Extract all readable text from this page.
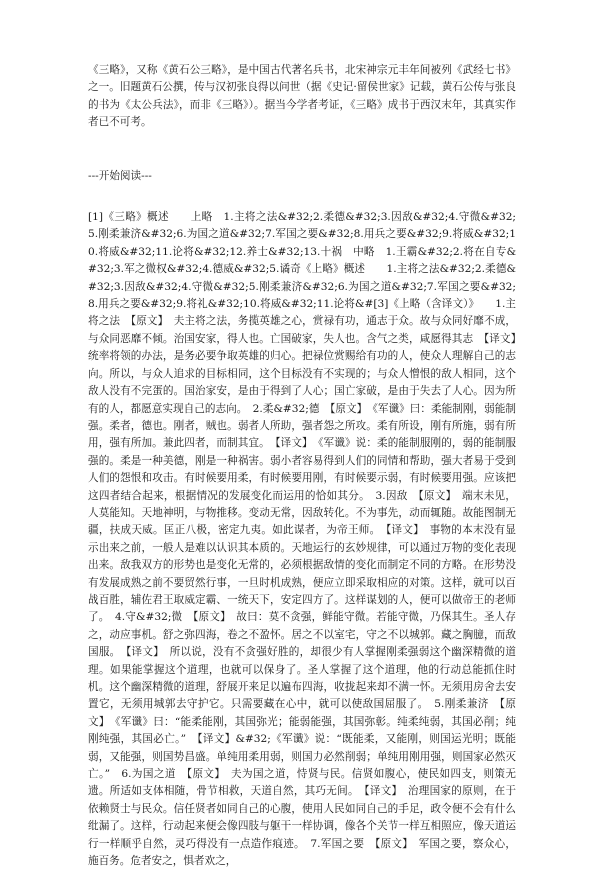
《三略》，又称《黄石公三略》，是中国古代著名兵书，北宋神宗元丰年间被列《武经七书》之一。旧题黄石公撰，传与汉初张良得以问世（据《史记·留侯世家》记载，黄石公传与张良的书为《太公兵法》，而非《三略》）。据当今学者考证，《三略》成书于西汉末年，其真实作者已不可考。

---开始阅读---

[1]《三略》概述　　上略　1.主将之法&#32;2.柔德&#32;3.因敌&#32;4.守微&#32;5.刚柔兼济&#32;6.为国之道&#32;7.军国之要&#32;8.用兵之要&#32;9.将威&#32;10.将威&#32;11.论将&#32;12.养士&#32;13.十祸　中略　1.王霸&#32;2.将在自专&#32;3.军之微权&#32;4.德威&#32;5.谲奇《上略》概述　　1.主将之法&#32;2.柔德&#32;3.因敌&#32;4.守微&#32;5.刚柔兼济&#32;6.为国之道&#32;7.军国之要&#32;8.用兵之要&#32;9.将礼&#32;10.将威&#32;11.论将&#[3]《上略（含译文）》　　1.主将之法　【原文】　夫主将之法，务揽英雄之心，赏禄有功，通志于众。故与众同好靡不成，与众同恶靡不倾。治国安家，得人也。亡国破家，失人也。含气之类，咸愿得其志　【译文】　统率将领的办法，是务必要争取英雄的归心。把禄位赏赐给有功的人，使众人理解自己的志向。所以，与众人追求的目标相同，这个目标没有不实现的；与众人憎恨的敌人相同，这个敌人没有不完蛋的。国治家安，是由于得到了人心；国亡家破，是由于失去了人心。因为所有的人，都愿意实现自己的志向。　2.柔&#32;德　【原文】　《军谶》曰：柔能制刚，弱能制强。柔者，德也。刚者，贼也。弱者人所助，强者怨之所攻。柔有所设，刚有所施，弱有所用，强有所加。兼此四者，而制其宜。　【译文】　《军谶》说：柔的能制服刚的，弱的能制服强的。柔是一种美德，刚是一种祸害。弱小者容易得到人们的同情和帮助，强大者易于受到人们的怨恨和攻击。有时候要用柔，有时候要用刚，有时候要示弱，有时候要用强。应该把这四者结合起来，根据情况的发展变化而运用的恰如其分。　3.因敌　【原文】　端末未见，人莫能知。天地神明，与物推移。变动无常，因敌转化。不为事先，动而辄随。故能图制无疆，扶成天威。匡正八极，密定九夷。如此谋者，为帝王师。　【译文】　事物的本末没有显示出来之前，一般人是难以认识其本质的。天地运行的玄妙规律，可以通过万物的变化表现出来。敌我双方的形势也是变化无常的，必须根据敌情的变化而制定不同的方略。在形势没有发展成熟之前不要贸然行事，一旦时机成熟，便应立即采取相应的对策。这样，就可以百战百胜，辅佐君王取威定霸、一统天下，安定四方了。这样谋划的人，便可以做帝王的老师了。　4.守&#32;微　【原文】　故曰：莫不贪强，鲜能守微。若能守微，乃保其生。圣人存之，动应事机。舒之弥四海，卷之不盈怀。居之不以室宅，守之不以城郭。藏之胸臆，而敌国服。　【译文】　所以说，没有不贪强好胜的，却很少有人掌握刚柔强弱这个幽深精微的道理。如果能掌握这个道理，也就可以保身了。圣人掌握了这个道理，他的行动总能抓住时机。这个幽深精微的道理，舒展开来足以遍布四海，收拢起来却不满一怀。无须用房舍去安置它，无须用城郭去守护它。只需要藏在心中，就可以使敌国屈服了。　5.刚柔兼济　【原文】　《军谶》曰：“能柔能刚，其国弥光；能弱能强，其国弥彰。纯柔纯弱，其国必削；纯刚纯强，其国必亡。”　【译文】&#32;《军谶》说：“既能柔，又能刚，则国运光明；既能弱，又能强，则国势昌盛。单纯用柔用弱，则国力必然削弱；单纯用刚用强，则国家必然灭亡。”　6.为国之道　【原文】　夫为国之道，恃贤与民。信贤如腹心，使民如四支，则策无遗。所适如支体相随，骨节相救，天道自然，其巧无间。　【译文】　治理国家的原则，在于依赖贤士与民众。信任贤者如同自己的心腹，使用人民如同自己的手足，政令便不会有什么纰漏了。这样，行动起来便会像四肢与躯干一样协调，像各个关节一样互相照应，像天道运行一样顺乎自然，灵巧得没有一点造作痕迹。　7.军国之要　【原文】　军国之要，察众心，施百务。危者安之，惧者欢之，
